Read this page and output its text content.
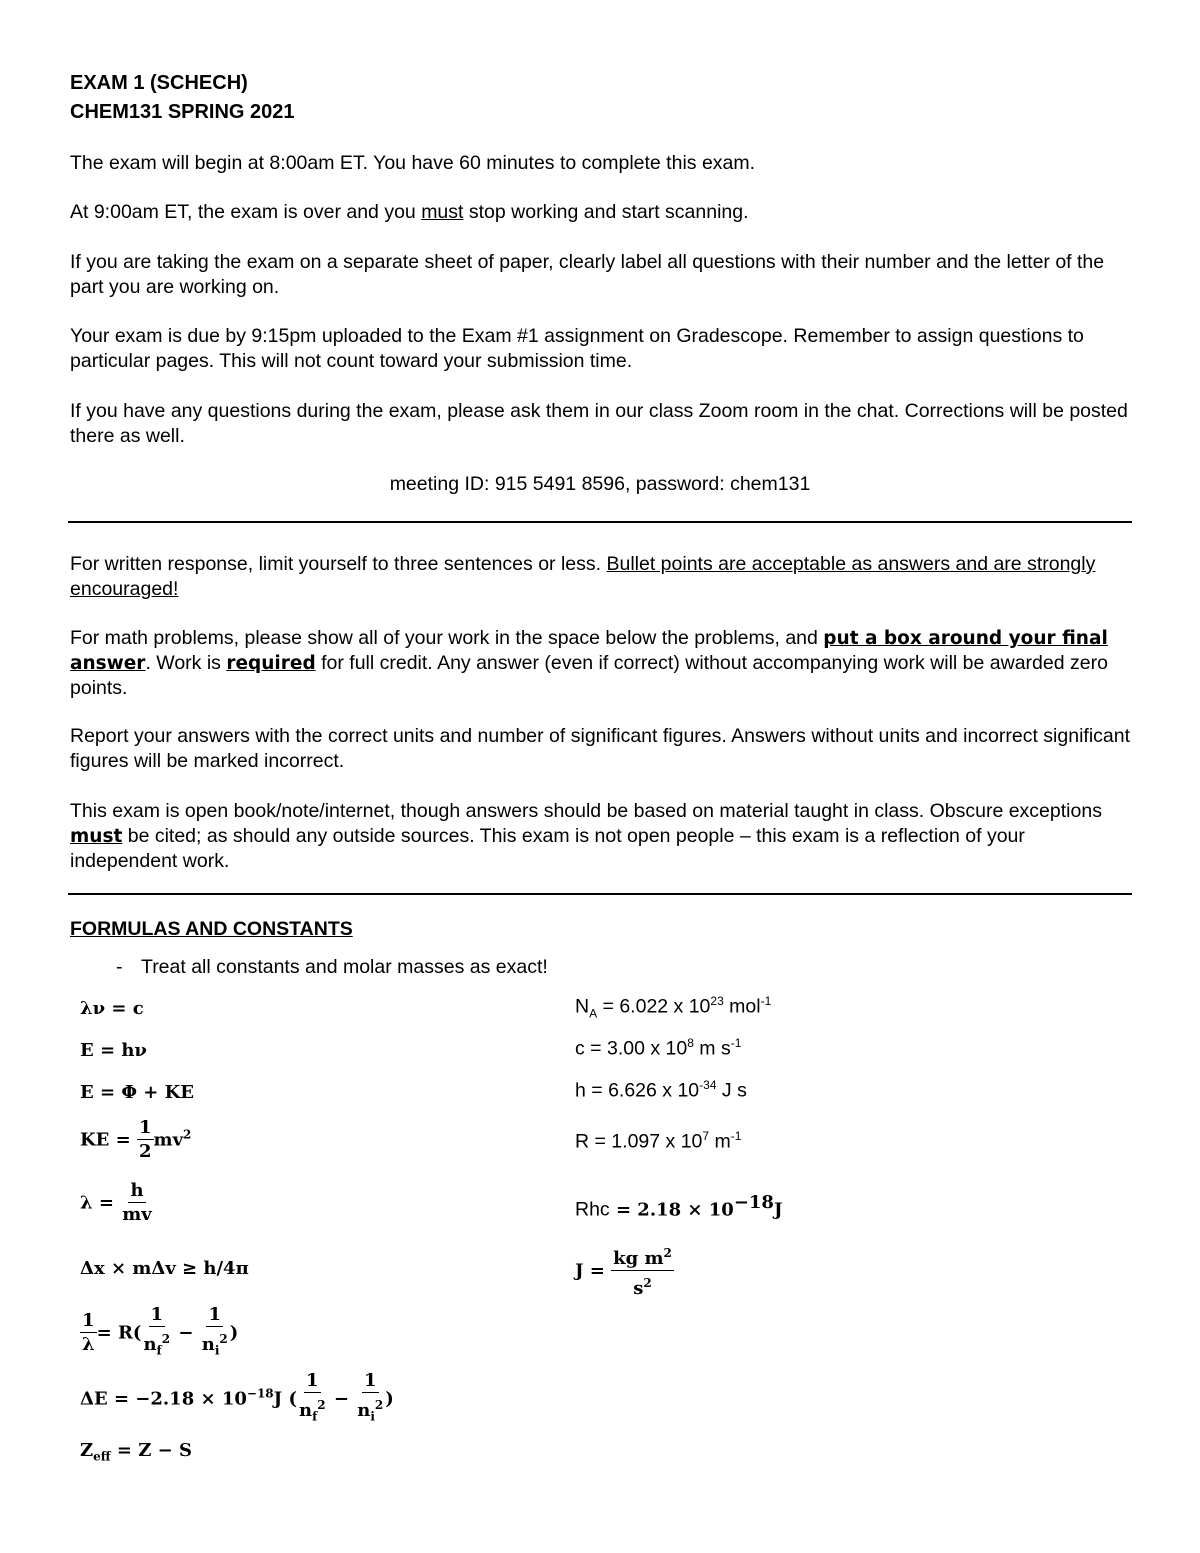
EXAM 1 (SCHECH)
CHEM131 SPRING 2021
The exam will begin at 8:00am ET. You have 60 minutes to complete this exam.
At 9:00am ET, the exam is over and you must stop working and start scanning.
If you are taking the exam on a separate sheet of paper, clearly label all questions with their number and the letter of the part you are working on.
Your exam is due by 9:15pm uploaded to the Exam #1 assignment on Gradescope. Remember to assign questions to particular pages. This will not count toward your submission time.
If you have any questions during the exam, please ask them in our class Zoom room in the chat. Corrections will be posted there as well.
meeting ID: 915 5491 8596, password: chem131
For written response, limit yourself to three sentences or less. Bullet points are acceptable as answers and are strongly encouraged!
For math problems, please show all of your work in the space below the problems, and put a box around your final answer. Work is required for full credit. Any answer (even if correct) without accompanying work will be awarded zero points.
Report your answers with the correct units and number of significant figures. Answers without units and incorrect significant figures will be marked incorrect.
This exam is open book/note/internet, though answers should be based on material taught in class. Obscure exceptions must be cited; as should any outside sources. This exam is not open people – this exam is a reflection of your independent work.
FORMULAS AND CONSTANTS
- Treat all constants and molar masses as exact!
λν = c
E = hν
E = Φ + KE
KE = $\frac{1}{2} mv^2$
$\lambda = \frac{h}{mv}$
Δx × mΔv ≥ h/4π
$\frac{1}{\lambda} = R( \frac{1}{n_f^2} - \frac{1}{n_i^2}$ )
$\Delta E = -2.18 \times 10^{-18}J$ ( $\frac{1}{n_f^2} - \frac{1}{n_i^2}$ )
$Z_{eff} = Z - S$
$N_A = 6.022$ x $10^{23}$ mol$^{-1}$
c = 3.00 x $10^8$ m $s^{-1}$
h = 6.626 x $10^{-34}$ J s
R = 1.097 x $10^7$ $m^{-1}$
Rhc = $2.18 \times 10^{-18}J$
$J = \frac{kg m^2}{s^2}$
